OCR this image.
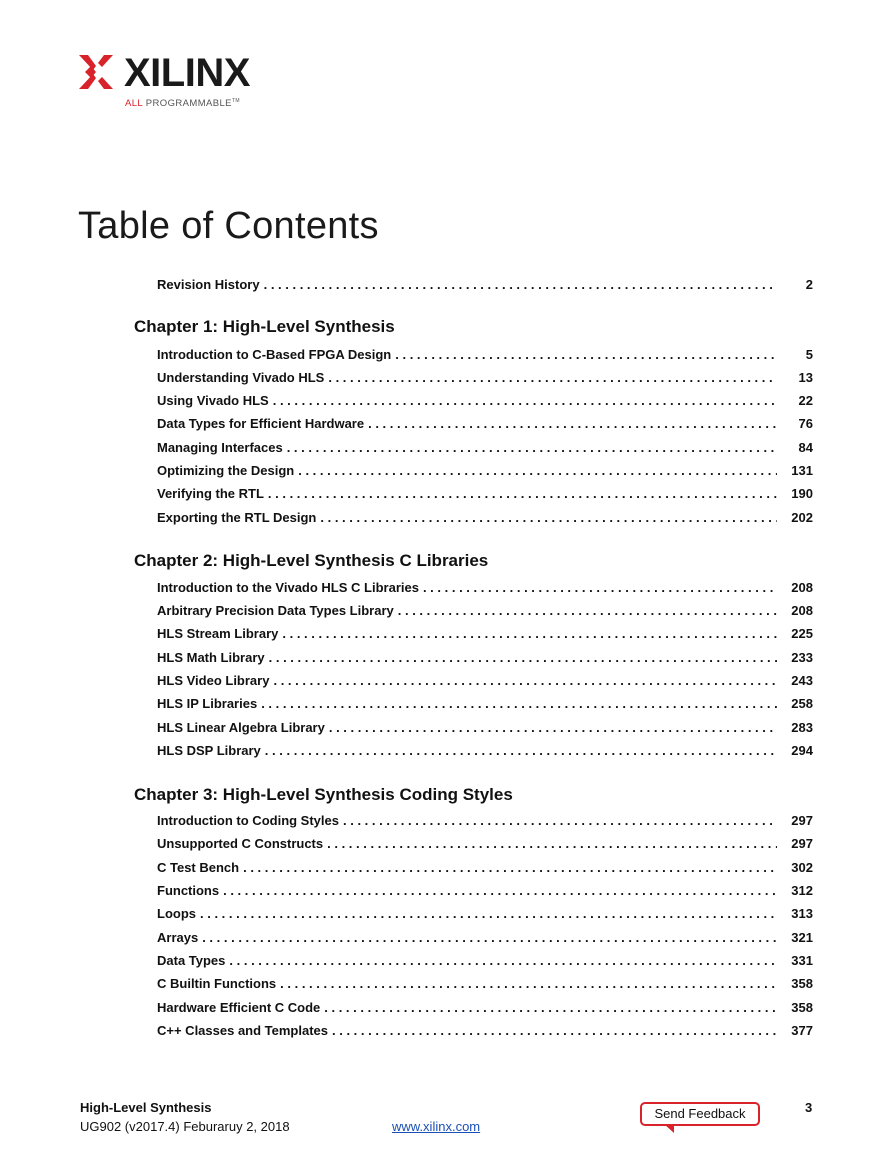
XILINX
ALL PROGRAMMABLE™
Table of Contents
Revision History . . .	2
Chapter 1: High-Level Synthesis
Introduction to C-Based FPGA Design . . .	5
Understanding Vivado HLS . . .	13
Using Vivado HLS . . .	22
Data Types for Efficient Hardware . . .	76
Managing Interfaces . . .	84
Optimizing the Design . . .	131
Verifying the RTL . . .	190
Exporting the RTL Design . . .	202
Chapter 2: High-Level Synthesis C Libraries
Introduction to the Vivado HLS C Libraries . . .	208
Arbitrary Precision Data Types Library . . .	208
HLS Stream Library . . .	225
HLS Math Library . . .	233
HLS Video Library . . .	243
HLS IP Libraries . . .	258
HLS Linear Algebra Library . . .	283
HLS DSP Library . . .	294
Chapter 3: High-Level Synthesis Coding Styles
Introduction to Coding Styles . . .	297
Unsupported C Constructs . . .	297
C Test Bench . . .	302
Functions . . .	312
Loops . . .	313
Arrays . . .	321
Data Types . . .	331
C Builtin Functions . . .	358
Hardware Efficient C Code . . .	358
C++ Classes and Templates . . .	377
High-Level Synthesis
UG902 (v2017.4) Feburaruy 2, 2018	www.xilinx.com
Send Feedback	3
